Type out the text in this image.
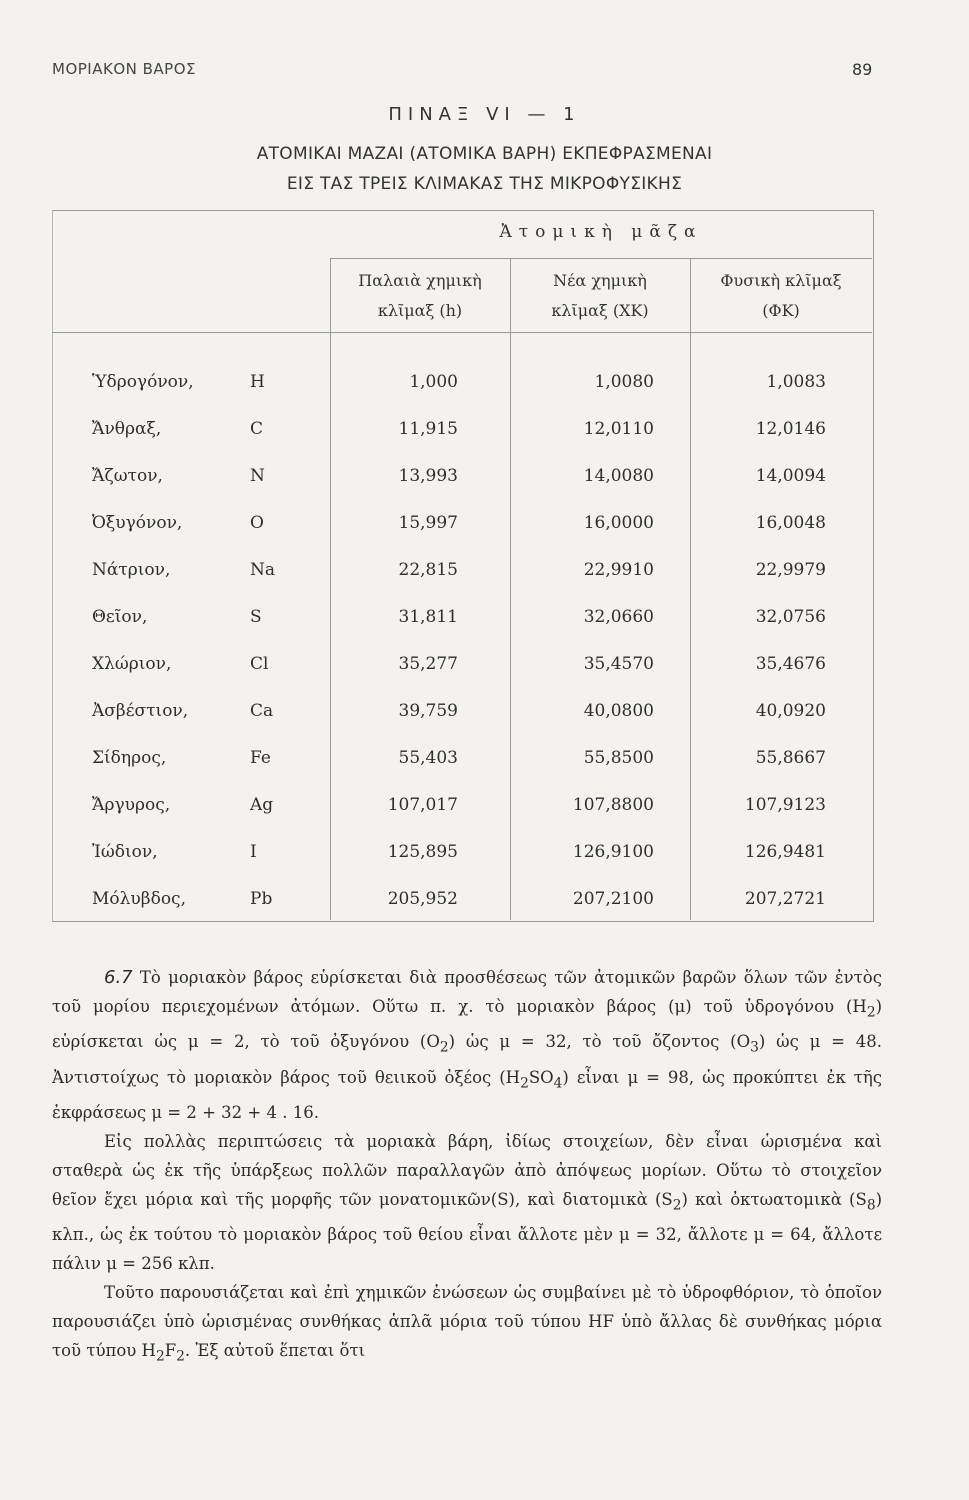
ΜΟΡΙΑΚΟΝ ΒΑΡΟΣ	89
ΠΙΝΑΞ VI — 1
ΑΤΟΜΙΚΑΙ ΜΑΖΑΙ (ΑΤΟΜΙΚΑ ΒΑΡΗ) ΕΚΠΕΦΡΑΣΜΕΝΑΙ
ΕΙΣ ΤΑΣ ΤΡΕΙΣ ΚΛΙΜΑΚΑΣ ΤΗΣ ΜΙΚΡΟΦΥΣΙΚΗΣ
Ἀτομικὴ μᾶζα
Παλαιὰ χημικὴ
κλῖμαξ (h)
Νέα χημικὴ
κλῖμαξ (ΧΚ)
Φυσικὴ κλῖμαξ
(ΦΚ)
Ὑδρογόνον,	H	1,000	1,0080	1,0083
Ἄνθραξ,	C	11,915	12,0110	12,0146
Ἄζωτον,	N	13,993	14,0080	14,0094
Ὀξυγόνον,	O	15,997	16,0000	16,0048
Νάτριον,	Na	22,815	22,9910	22,9979
Θεῖον,	S	31,811	32,0660	32,0756
Χλώριον,	Cl	35,277	35,4570	35,4676
Ἀσβέστιον,	Ca	39,759	40,0800	40,0920
Σίδηρος,	Fe	55,403	55,8500	55,8667
Ἄργυρος,	Ag	107,017	107,8800	107,9123
Ἰώδιον,	I	125,895	126,9100	126,9481
Μόλυβδος,	Pb	205,952	207,2100	207,2721

6.7 Τὸ μοριακὸν βάρος εὑρίσκεται διὰ προσθέσεως τῶν ἀτομικῶν βαρῶν ὅλων τῶν ἐντὸς τοῦ μορίου περιεχομένων ἀτόμων. Οὕτω π. χ. τὸ μοριακὸν βάρος (μ) τοῦ ὑδρογόνου $(H_2)$ εὑρίσκεται ὡς μ = 2, τὸ τοῦ ὀξυγόνου $(O_2)$ ὡς μ = 32, τὸ τοῦ ὄζοντος $(O_3)$ ὡς μ = 48. Ἀντιστοίχως τὸ μοριακὸν βάρος τοῦ θειικοῦ ὀξέος $(H_2SO_4)$ εἶναι μ = 98, ὡς προκύπτει ἐκ τῆς ἐκφράσεως μ = 2 + 32 + 4 . 16.

Εἰς πολλὰς περιπτώσεις τὰ μοριακὰ βάρη, ἰδίως στοιχείων, δὲν εἶναι ὡρισμένα καὶ σταθερὰ ὡς ἐκ τῆς ὑπάρξεως πολλῶν παραλλαγῶν ἀπὸ ἀπόψεως μορίων. Οὕτω τὸ στοιχεῖον θεῖον ἔχει μόρια καὶ τῆς μορφῆς τῶν μονατομικῶν(S), καὶ διατομικὰ $(S_2)$ καὶ ὀκτωατομικὰ $(S_8)$ κλπ., ὡς ἐκ τούτου τὸ μοριακὸν βάρος τοῦ θείου εἶναι ἄλλοτε μὲν μ = 32, ἄλλοτε μ = 64, ἄλλοτε πάλιν μ = 256 κλπ.

Τοῦτο παρουσιάζεται καὶ ἐπὶ χημικῶν ἑνώσεων ὡς συμβαίνει μὲ τὸ ὑδροφθόριον, τὸ ὁποῖον παρουσιάζει ὑπὸ ὡρισμένας συνθήκας ἁπλᾶ μόρια τοῦ τύπου HF ὑπὸ ἄλλας δὲ συνθήκας μόρια τοῦ τύπου $H_2F_2$. Ἐξ αὐτοῦ ἕπεται ὅτι
